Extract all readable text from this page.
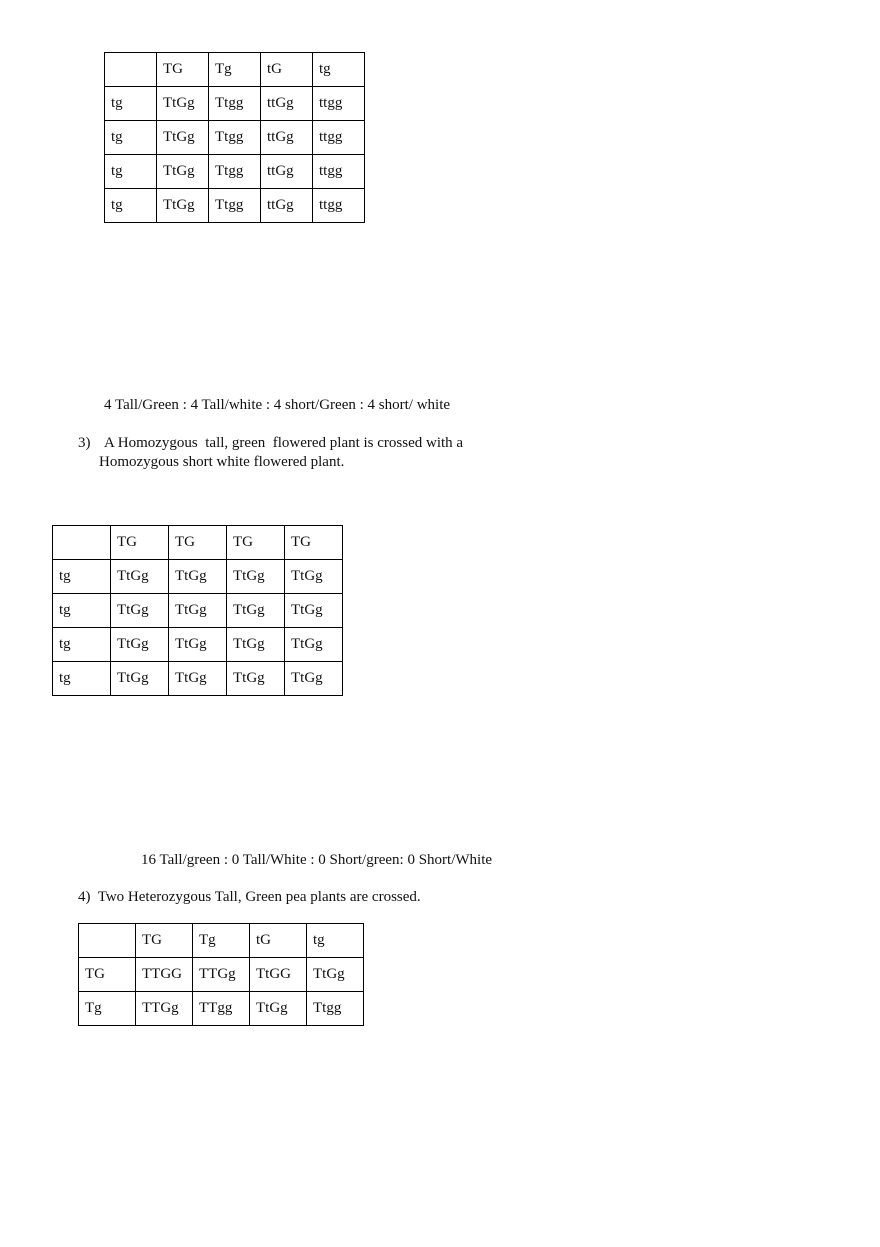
	TG	Tg	tG	tg
tg	TtGg	Ttgg	ttGg	ttgg
tg	TtGg	Ttgg	ttGg	ttgg
tg	TtGg	Ttgg	ttGg	ttgg
tg	TtGg	Ttgg	ttGg	ttgg
4 Tall/Green : 4 Tall/white : 4 short/Green : 4 short/ white
3) A Homozygous  tall, green  flowered plant is crossed with a
Homozygous short white flowered plant.
	TG	TG	TG	TG
tg	TtGg	TtGg	TtGg	TtGg
tg	TtGg	TtGg	TtGg	TtGg
tg	TtGg	TtGg	TtGg	TtGg
tg	TtGg	TtGg	TtGg	TtGg
16 Tall/green : 0 Tall/White : 0 Short/green: 0 Short/White
4)  Two Heterozygous Tall, Green pea plants are crossed.
	TG	Tg	tG	tg
TG	TTGG	TTGg	TtGG	TtGg
Tg	TTGg	TTgg	TtGg	Ttgg
